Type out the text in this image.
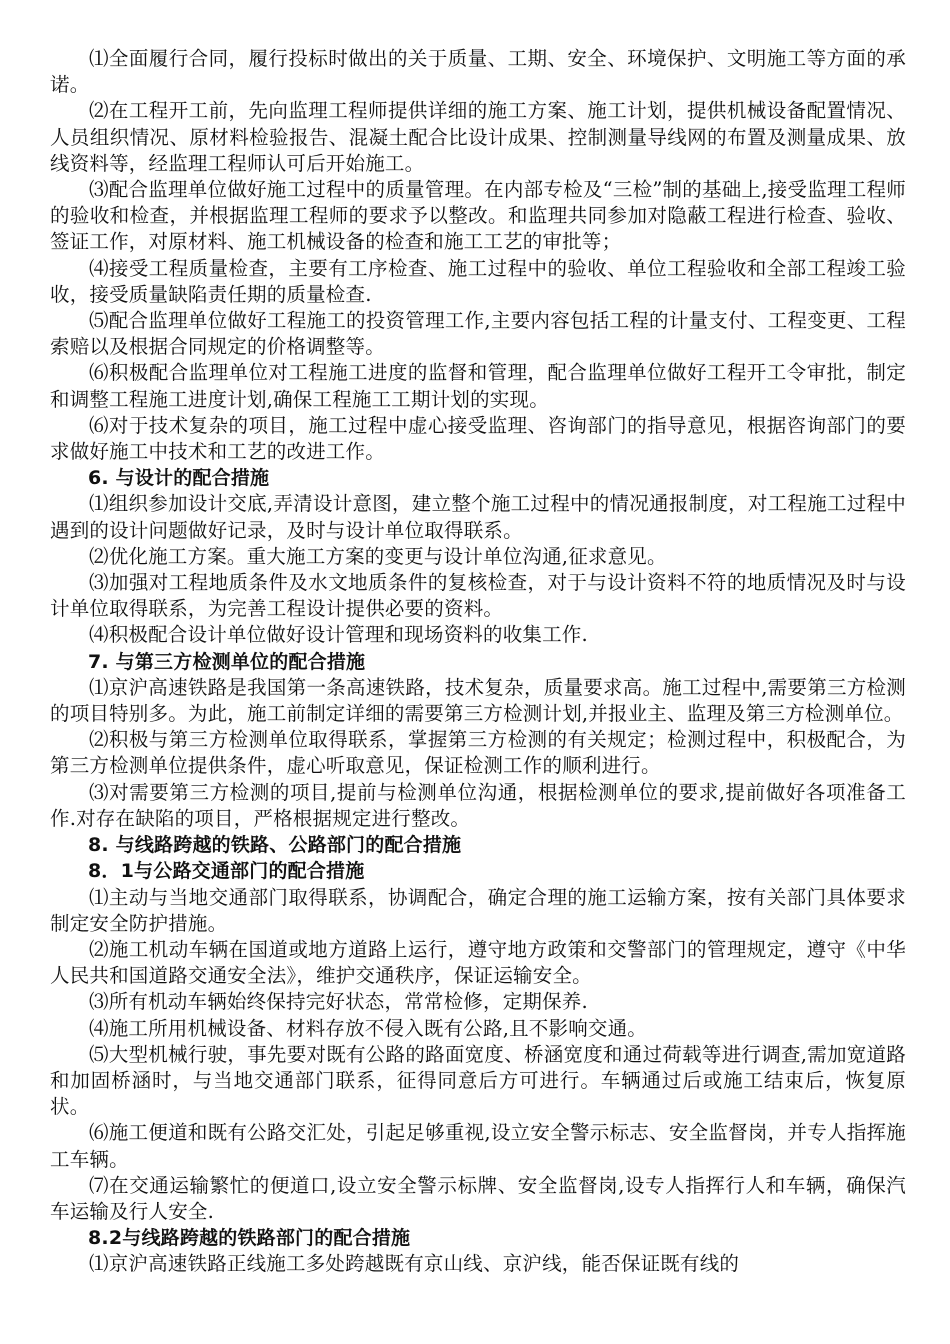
⑴全面履行合同，履行投标时做出的关于质量、工期、安全、环境保护、文明施工等方面的承诺。

⑵在工程开工前，先向监理工程师提供详细的施工方案、施工计划，提供机械设备配置情况、人员组织情况、原材料检验报告、混凝土配合比设计成果、控制测量导线网的布置及测量成果、放线资料等，经监理工程师认可后开始施工。

⑶配合监理单位做好施工过程中的质量管理。在内部专检及“三检”制的基础上,接受监理工程师的验收和检查，并根据监理工程师的要求予以整改。和监理共同参加对隐蔽工程进行检查、验收、签证工作，对原材料、施工机械设备的检查和施工工艺的审批等；

⑷接受工程质量检查，主要有工序检查、施工过程中的验收、单位工程验收和全部工程竣工验收，接受质量缺陷责任期的质量检查.

⑸配合监理单位做好工程施工的投资管理工作,主要内容包括工程的计量支付、工程变更、工程索赔以及根据合同规定的价格调整等。

⑹积极配合监理单位对工程施工进度的监督和管理，配合监理单位做好工程开工令审批，制定和调整工程施工进度计划,确保工程施工工期计划的实现。

⑹对于技术复杂的项目，施工过程中虚心接受监理、咨询部门的指导意见，根据咨询部门的要求做好施工中技术和工艺的改进工作。

6. 与设计的配合措施

⑴组织参加设计交底,弄清设计意图，建立整个施工过程中的情况通报制度，对工程施工过程中遇到的设计问题做好记录，及时与设计单位取得联系。

⑵优化施工方案。重大施工方案的变更与设计单位沟通,征求意见。

⑶加强对工程地质条件及水文地质条件的复核检查，对于与设计资料不符的地质情况及时与设计单位取得联系，为完善工程设计提供必要的资料。

⑷积极配合设计单位做好设计管理和现场资料的收集工作.

7. 与第三方检测单位的配合措施

⑴京沪高速铁路是我国第一条高速铁路，技术复杂，质量要求高。施工过程中,需要第三方检测的项目特别多。为此，施工前制定详细的需要第三方检测计划,并报业主、监理及第三方检测单位。

⑵积极与第三方检测单位取得联系，掌握第三方检测的有关规定；检测过程中，积极配合，为第三方检测单位提供条件，虚心听取意见，保证检测工作的顺利进行。

⑶对需要第三方检测的项目,提前与检测单位沟通，根据检测单位的要求,提前做好各项准备工作.对存在缺陷的项目，严格根据规定进行整改。

8. 与线路跨越的铁路、公路部门的配合措施

8．1与公路交通部门的配合措施

⑴主动与当地交通部门取得联系，协调配合，确定合理的施工运输方案，按有关部门具体要求制定安全防护措施。

⑵施工机动车辆在国道或地方道路上运行，遵守地方政策和交警部门的管理规定，遵守《中华人民共和国道路交通安全法》，维护交通秩序，保证运输安全。

⑶所有机动车辆始终保持完好状态，常常检修，定期保养.

⑷施工所用机械设备、材料存放不侵入既有公路,且不影响交通。

⑸大型机械行驶，事先要对既有公路的路面宽度、桥涵宽度和通过荷载等进行调查,需加宽道路和加固桥涵时，与当地交通部门联系，征得同意后方可进行。车辆通过后或施工结束后，恢复原状。

⑹施工便道和既有公路交汇处，引起足够重视,设立安全警示标志、安全监督岗，并专人指挥施工车辆。

⑺在交通运输繁忙的便道口,设立安全警示标牌、安全监督岗,设专人指挥行人和车辆，确保汽车运输及行人安全.

8.2与线路跨越的铁路部门的配合措施

⑴京沪高速铁路正线施工多处跨越既有京山线、京沪线，能否保证既有线的
